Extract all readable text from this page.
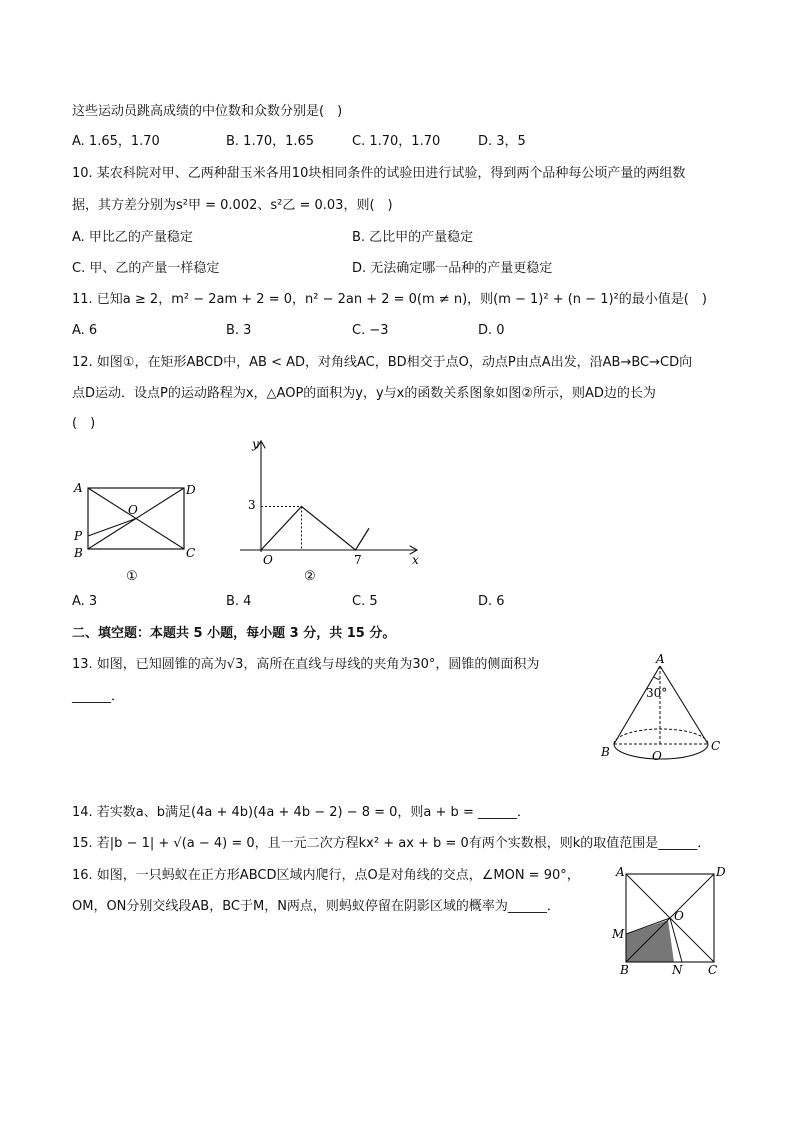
这些运动员跳高成绩的中位数和众数分别是(　)
A. 1.65，1.70	B. 1.70，1.65	C. 1.70，1.70	D. 3，5
10. 某农科院对甲、乙两种甜玉米各用10块相同条件的试验田进行试验，得到两个品种每公顷产量的两组数
据，其方差分别为s²甲 = 0.002、s²乙 = 0.03，则(　)
A. 甲比乙的产量稳定	B. 乙比甲的产量稳定
C. 甲、乙的产量一样稳定	D. 无法确定哪一品种的产量更稳定
11. 已知a ≥ 2，m² − 2am + 2 = 0，n² − 2an + 2 = 0(m ≠ n)，则(m − 1)² + (n − 1)²的最小值是(　)
A. 6	B. 3	C. −3	D. 0
12. 如图①，在矩形ABCD中，AB < AD，对角线AC，BD相交于点O，动点P由点A出发，沿AB→BC→CD向
点D运动．设点P的运动路程为x，△AOP的面积为y，y与x的函数关系图象如图②所示，则AD边的长为
(　)
A	D
P
B	C
O
①
y
x
O
3
7
②
A. 3	B. 4	C. 5	D. 6
二、填空题：本题共 5 小题，每小题 3 分，共 15 分。
13. 如图，已知圆锥的高为√3，高所在直线与母线的夹角为30°，圆锥的侧面积为
______．
A
30°
B	C
O
14. 若实数a、b满足(4a + 4b)(4a + 4b − 2) − 8 = 0，则a + b = ______．
15. 若|b − 1| + √(a − 4) = 0，且一元二次方程kx² + ax + b = 0有两个实数根，则k的取值范围是______．
16. 如图，一只蚂蚁在正方形ABCD区域内爬行，点O是对角线的交点，∠MON = 90°，
OM，ON分别交线段AB，BC于M，N两点，则蚂蚁停留在阴影区域的概率为______．
A	D
O
M
B	N C
